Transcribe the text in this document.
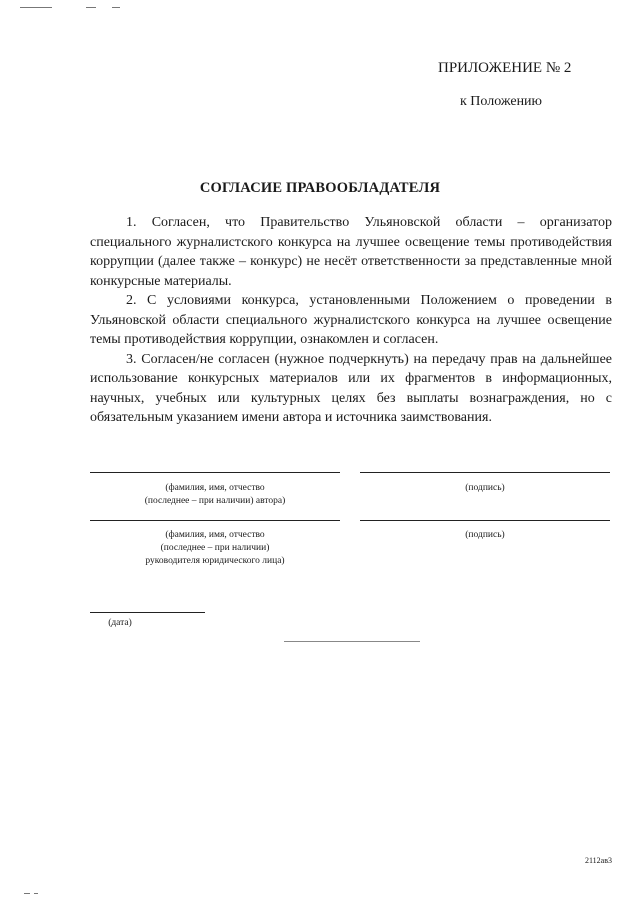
ПРИЛОЖЕНИЕ № 2
к Положению
СОГЛАСИЕ ПРАВООБЛАДАТЕЛЯ

1. Согласен, что Правительство Ульяновской области – организатор специального журналистского конкурса на лучшее освещение темы противодействия коррупции (далее также – конкурс) не несёт ответственности за представленные мной конкурсные материалы.

2. С условиями конкурса, установленными Положением о проведении в Ульяновской области специального журналистского конкурса на лучшее освещение темы противодействия коррупции, ознакомлен и согласен.

3. Согласен/не согласен (нужное подчеркнуть) на передачу прав на дальнейшее использование конкурсных материалов или их фрагментов в информационных, научных, учебных или культурных целях без выплаты вознаграждения, но с обязательным указанием имени автора и источника заимствования.

(фамилия, имя, отчество
(последнее – при наличии) автора)
(подпись)
(фамилия, имя, отчество
(последнее – при наличии)
руководителя юридического лица)
(подпись)
(дата)
2112ав3
